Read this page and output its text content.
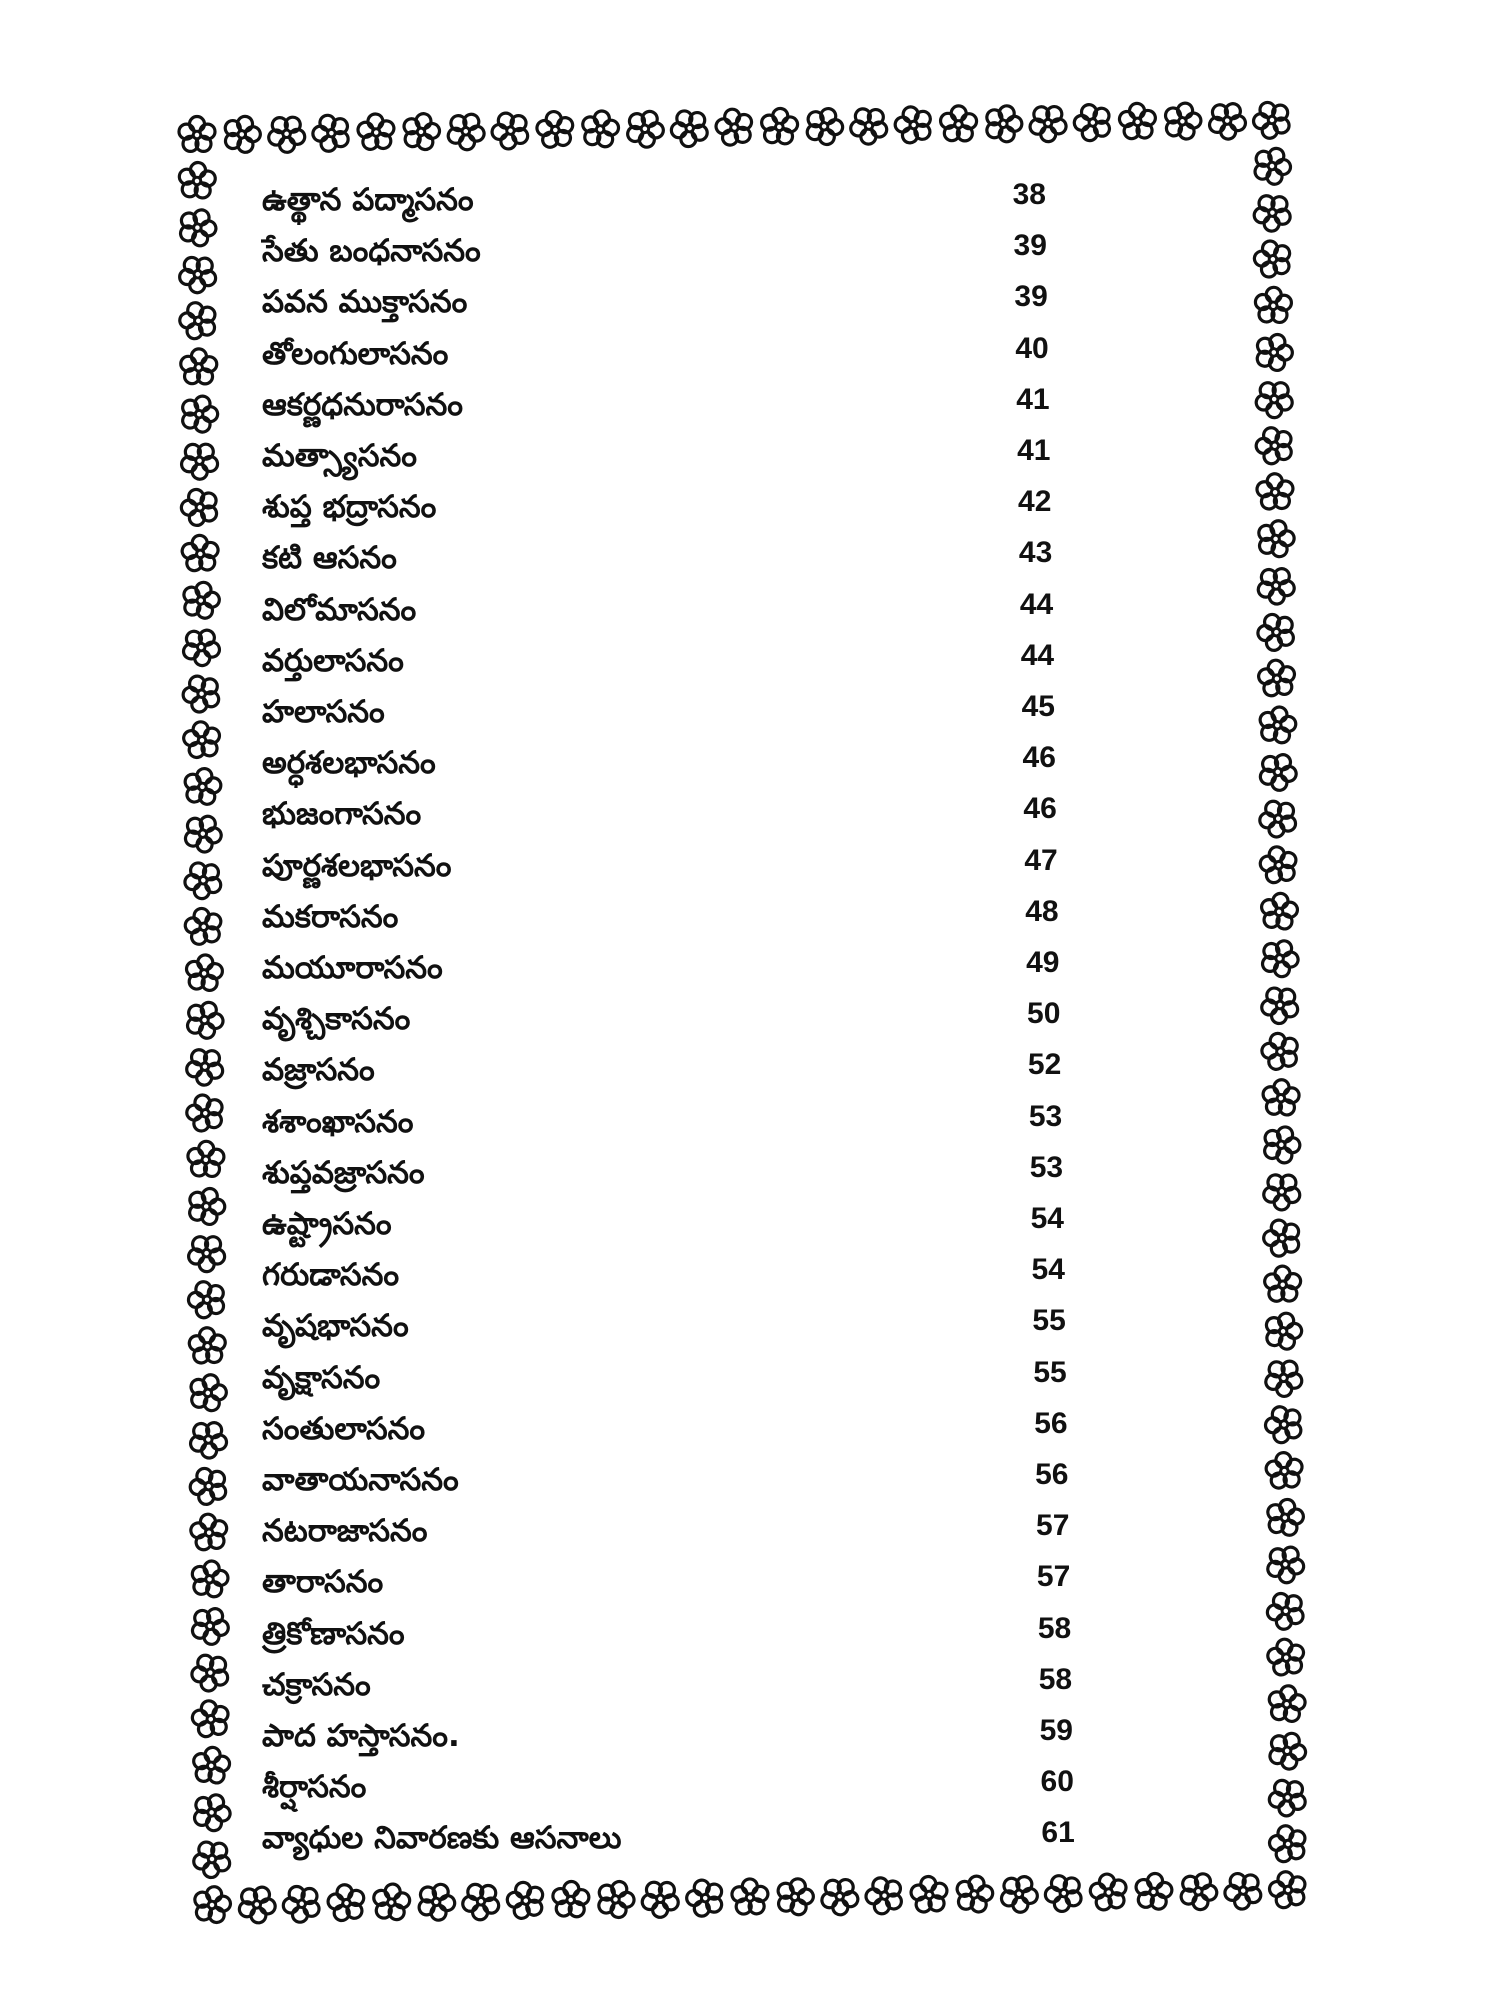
ఉత్థాన పద్మాసనం	38
సేతు బంధనాసనం	39
పవన ముక్తాసనం	39
తోలంగులాసనం	40
ఆకర్ణధనురాసనం	41
మత్స్యాసనం	41
శుప్త భద్రాసనం	42
కటి ఆసనం	43
విలోమాసనం	44
వర్తులాసనం	44
హలాసనం	45
అర్ధశలభాసనం	46
భుజంగాసనం	46
పూర్ణశలభాసనం	47
మకరాసనం	48
మయూరాసనం	49
వృశ్చికాసనం	50
వజ్రాసనం	52
శశాంఖాసనం	53
శుప్తవజ్రాసనం	53
ఉష్ట్రాసనం	54
గరుడాసనం	54
వృషభాసనం	55
వృక్షాసనం	55
సంతులాసనం	56
వాతాయనాసనం	56
నటరాజాసనం	57
తారాసనం	57
త్రికోణాసనం	58
చక్రాసనం	58
పాద హస్తాసనం.	59
శీర్షాసనం	60
వ్యాధుల నివారణకు ఆసనాలు	61
